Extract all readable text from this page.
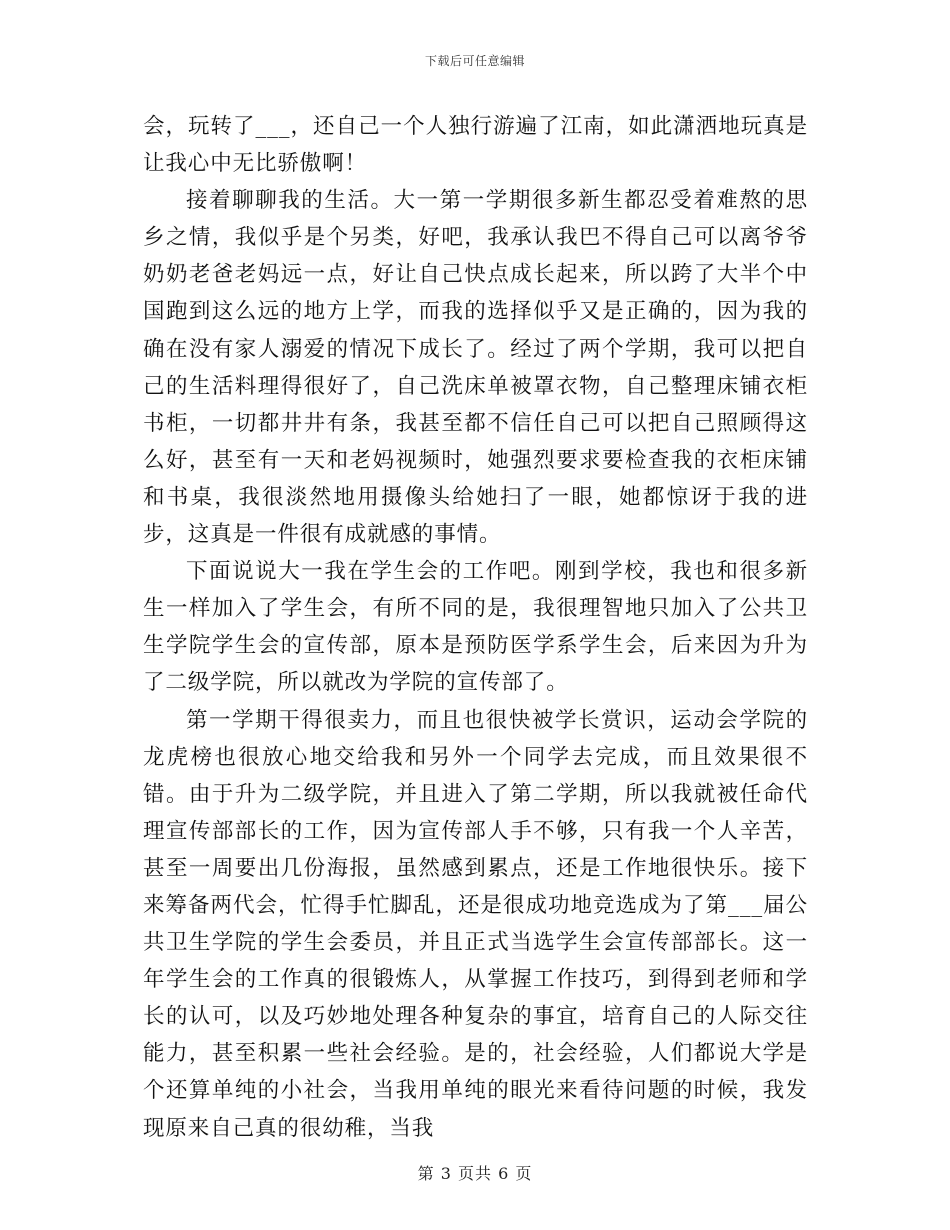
下载后可任意编辑

会，玩转了___，还自己一个人独行游遍了江南，如此潇洒地玩真是让我心中无比骄傲啊！

接着聊聊我的生活。大一第一学期很多新生都忍受着难熬的思乡之情，我似乎是个另类，好吧，我承认我巴不得自己可以离爷爷奶奶老爸老妈远一点，好让自己快点成长起来，所以跨了大半个中国跑到这么远的地方上学，而我的选择似乎又是正确的，因为我的确在没有家人溺爱的情况下成长了。经过了两个学期，我可以把自己的生活料理得很好了，自己洗床单被罩衣物，自己整理床铺衣柜书柜，一切都井井有条，我甚至都不信任自己可以把自己照顾得这么好，甚至有一天和老妈视频时，她强烈要求要检查我的衣柜床铺和书桌，我很淡然地用摄像头给她扫了一眼，她都惊讶于我的进步，这真是一件很有成就感的事情。

下面说说大一我在学生会的工作吧。刚到学校，我也和很多新生一样加入了学生会，有所不同的是，我很理智地只加入了公共卫生学院学生会的宣传部，原本是预防医学系学生会，后来因为升为了二级学院，所以就改为学院的宣传部了。

第一学期干得很卖力，而且也很快被学长赏识，运动会学院的龙虎榜也很放心地交给我和另外一个同学去完成，而且效果很不错。由于升为二级学院，并且进入了第二学期，所以我就被任命代理宣传部部长的工作，因为宣传部人手不够，只有我一个人辛苦，甚至一周要出几份海报，虽然感到累点，还是工作地很快乐。接下来筹备两代会，忙得手忙脚乱，还是很成功地竞选成为了第___届公共卫生学院的学生会委员，并且正式当选学生会宣传部部长。这一年学生会的工作真的很锻炼人，从掌握工作技巧，到得到老师和学长的认可，以及巧妙地处理各种复杂的事宜，培育自己的人际交往能力，甚至积累一些社会经验。是的，社会经验，人们都说大学是个还算单纯的小社会，当我用单纯的眼光来看待问题的时候，我发现原来自己真的很幼稚，当我

第 3 页共 6 页
